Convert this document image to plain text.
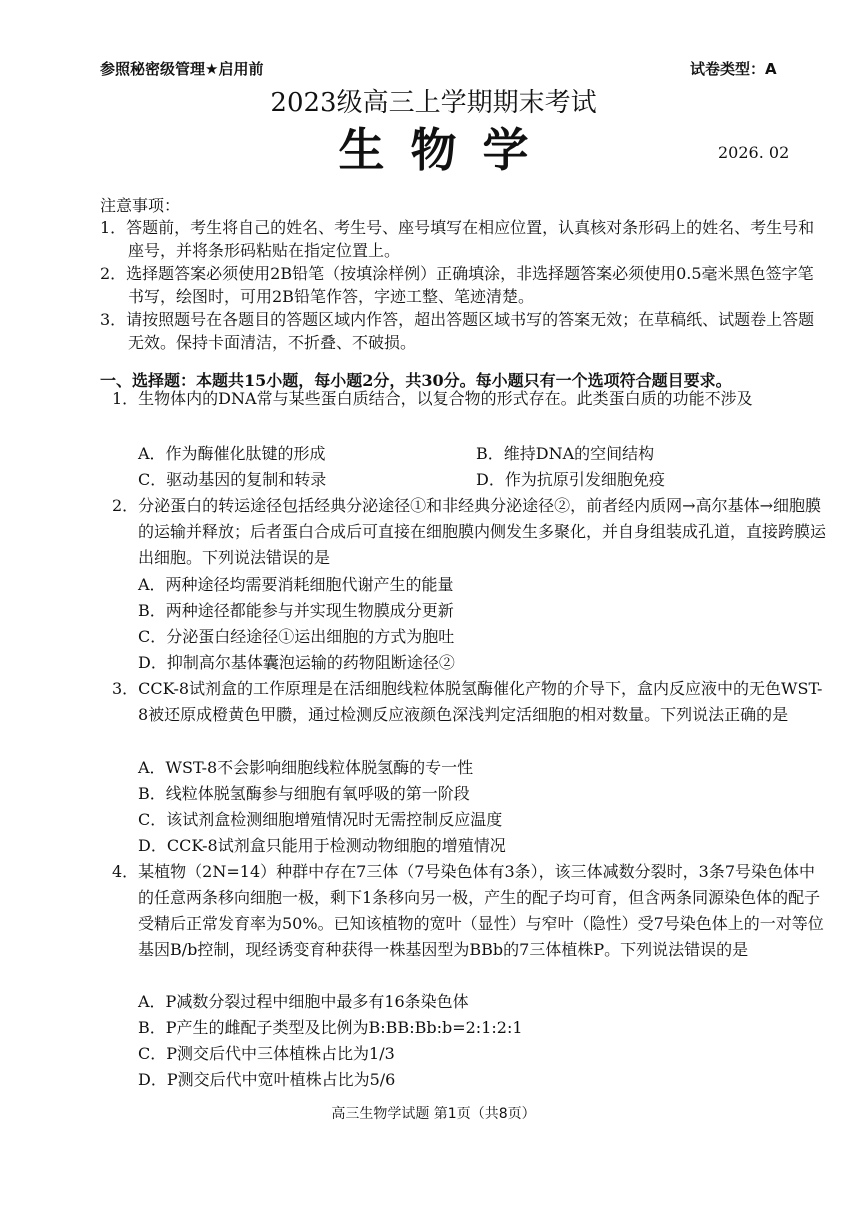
参照秘密级管理★启用前	试卷类型：A
2023级高三上学期期末考试
生物学	2026. 02
注意事项：
1．答题前，考生将自己的姓名、考生号、座号填写在相应位置，认真核对条形码上的姓名、考生号和座号，并将条形码粘贴在指定位置上。
2．选择题答案必须使用2B铅笔（按填涂样例）正确填涂，非选择题答案必须使用0.5毫米黑色签字笔书写，绘图时，可用2B铅笔作答，字迹工整、笔迹清楚。
3．请按照题号在各题目的答题区域内作答，超出答题区域书写的答案无效；在草稿纸、试题卷上答题无效。保持卡面清洁，不折叠、不破损。
一、选择题：本题共15小题，每小题2分，共30分。每小题只有一个选项符合题目要求。
1．生物体内的DNA常与某些蛋白质结合，以复合物的形式存在。此类蛋白质的功能不涉及
A．作为酶催化肽键的形成	B．维持DNA的空间结构
C．驱动基因的复制和转录	D．作为抗原引发细胞免疫
2．分泌蛋白的转运途径包括经典分泌途径①和非经典分泌途径②，前者经内质网→高尔基体→细胞膜的运输并释放；后者蛋白合成后可直接在细胞膜内侧发生多聚化，并自身组装成孔道，直接跨膜运出细胞。下列说法错误的是
A．两种途径均需要消耗细胞代谢产生的能量
B．两种途径都能参与并实现生物膜成分更新
C．分泌蛋白经途径①运出细胞的方式为胞吐
D．抑制高尔基体囊泡运输的药物阻断途径②
3．CCK-8试剂盒的工作原理是在活细胞线粒体脱氢酶催化产物的介导下，盒内反应液中的无色WST-8被还原成橙黄色甲臜，通过检测反应液颜色深浅判定活细胞的相对数量。下列说法正确的是
A．WST-8不会影响细胞线粒体脱氢酶的专一性
B．线粒体脱氢酶参与细胞有氧呼吸的第一阶段
C．该试剂盒检测细胞增殖情况时无需控制反应温度
D．CCK-8试剂盒只能用于检测动物细胞的增殖情况
4．某植物（2N=14）种群中存在7三体（7号染色体有3条），该三体减数分裂时，3条7号染色体中的任意两条移向细胞一极，剩下1条移向另一极，产生的配子均可育，但含两条同源染色体的配子受精后正常发育率为50%。已知该植物的宽叶（显性）与窄叶（隐性）受7号染色体上的一对等位基因B/b控制，现经诱变育种获得一株基因型为BBb的7三体植株P。下列说法错误的是
A．P减数分裂过程中细胞中最多有16条染色体
B．P产生的雌配子类型及比例为B:BB:Bb:b=2:1:2:1
C．P测交后代中三体植株占比为1/3
D．P测交后代中宽叶植株占比为5/6
高三生物学试题 第1页（共8页）
